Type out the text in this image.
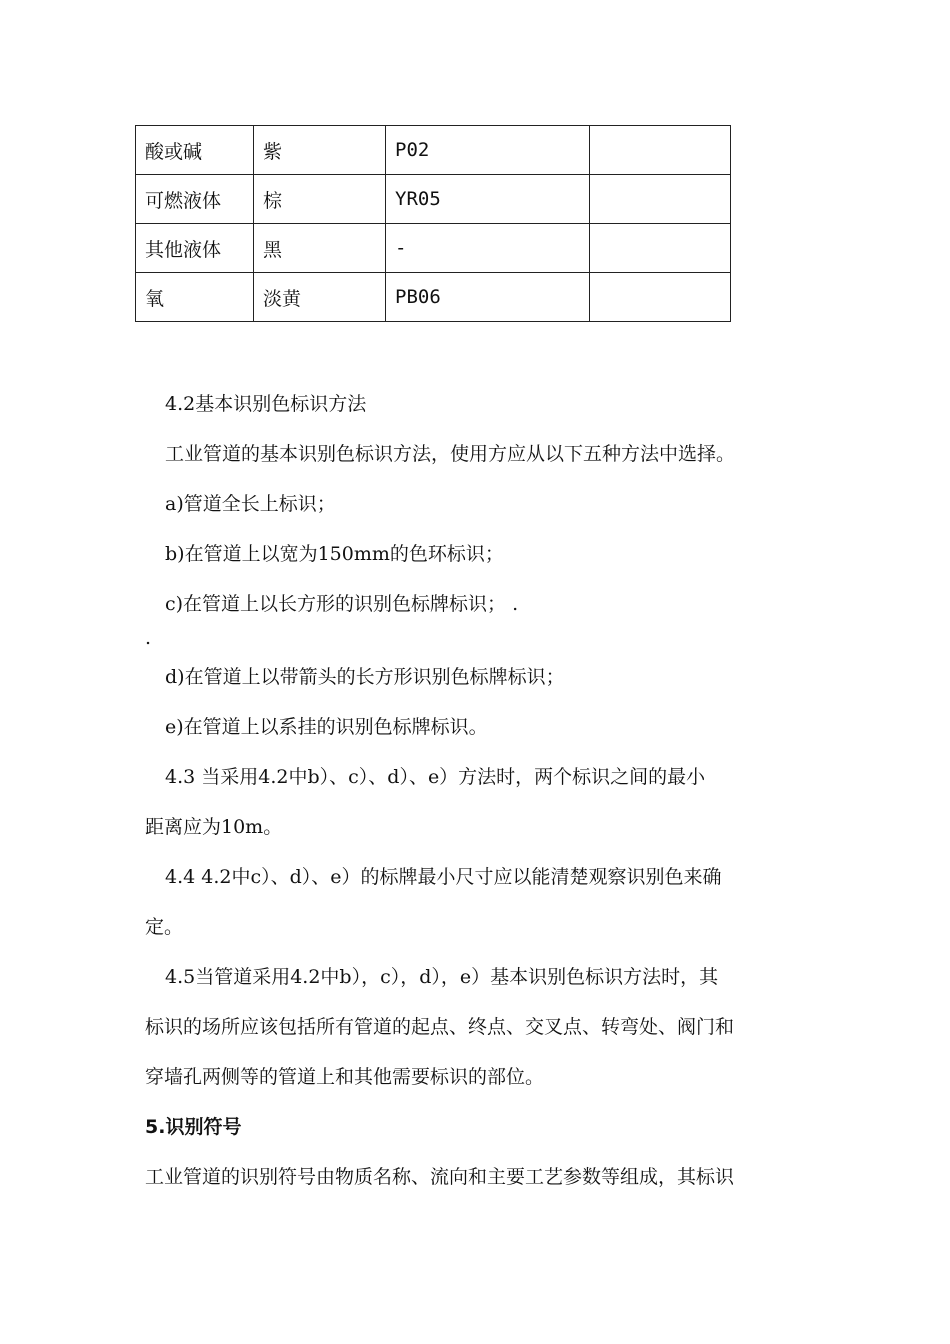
酸或碱	紫	P02	
可燃液体	棕	YR05	
其他液体	黑	-	
氧	淡黄	PB06	
4.2基本识别色标识方法
工业管道的基本识别色标识方法，使用方应从以下五种方法中选择。
a)管道全长上标识；
b)在管道上以宽为150mm的色环标识；
c)在管道上以长方形的识别色标牌标识； .
.
d)在管道上以带箭头的长方形识别色标牌标识；
e)在管道上以系挂的识别色标牌标识。
4.3 当采用4.2中b）、c）、d）、e）方法时，两个标识之间的最小
距离应为10m。
4.4 4.2中c）、d）、e）的标牌最小尺寸应以能清楚观察识别色来确
定。
4.5当管道采用4.2中b），c），d），e）基本识别色标识方法时，其
标识的场所应该包括所有管道的起点、终点、交叉点、转弯处、阀门和
穿墙孔两侧等的管道上和其他需要标识的部位。
5.识别符号
工业管道的识别符号由物质名称、流向和主要工艺参数等组成，其标识
